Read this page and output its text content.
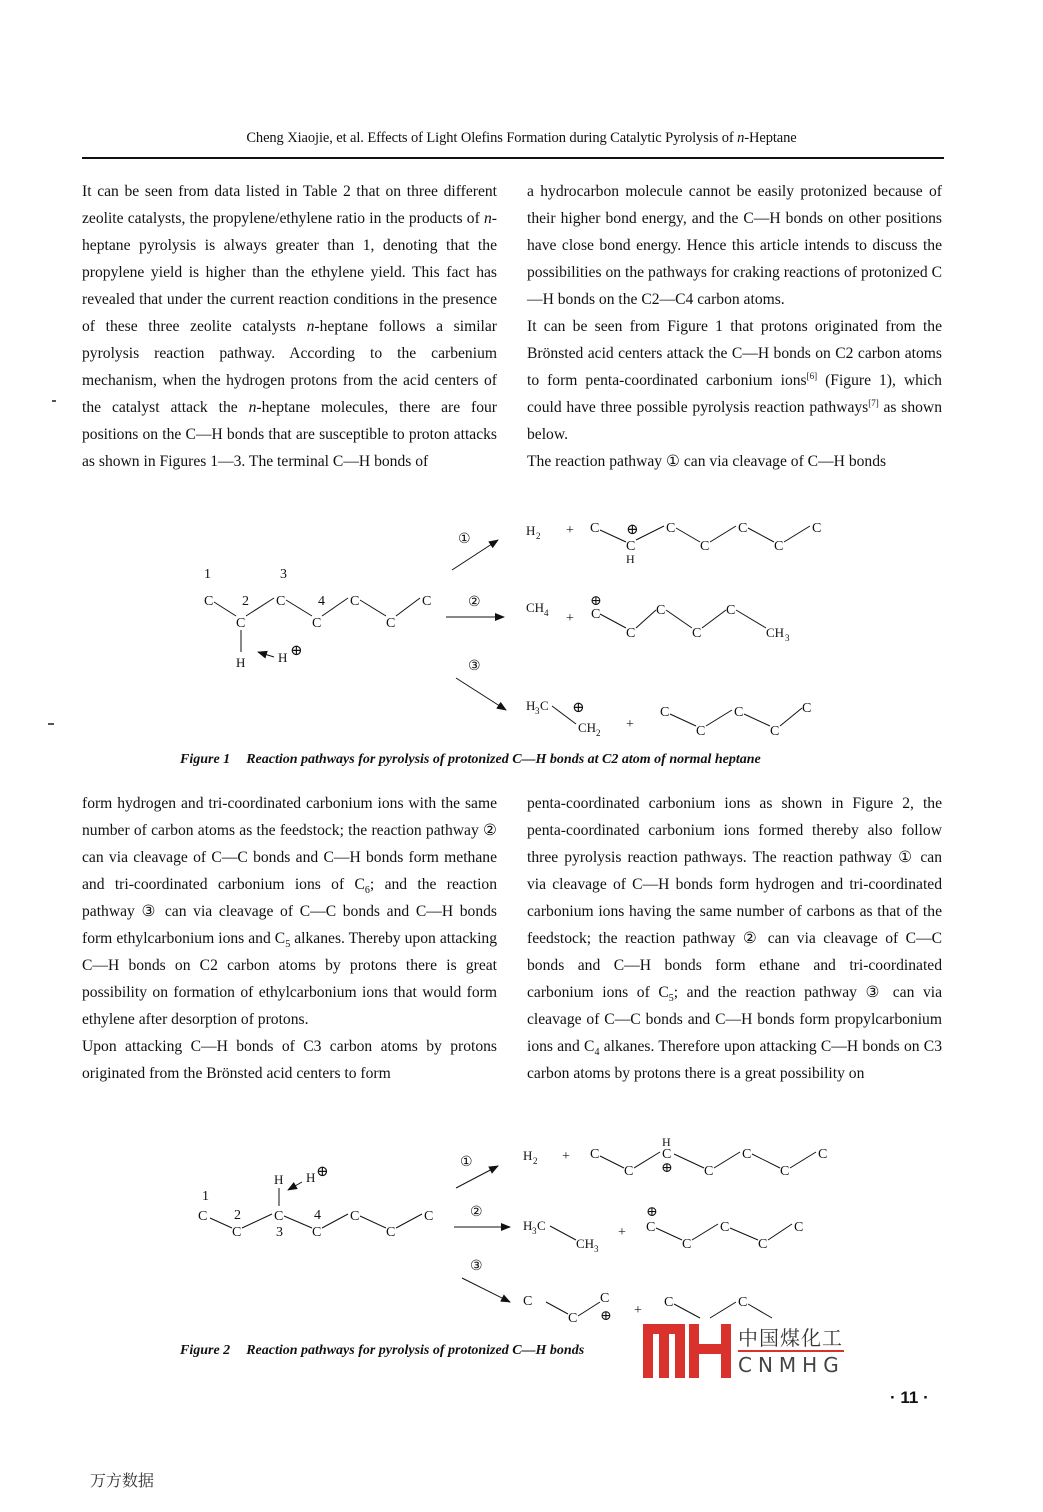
Cheng Xiaojie, et al. Effects of Light Olefins Formation during Catalytic Pyrolysis of n-Heptane

It can be seen from data listed in Table 2 that on three different zeolite catalysts, the propylene/ethylene ratio in the products of n-heptane pyrolysis is always greater than 1, denoting that the propylene yield is higher than the ethylene yield. This fact has revealed that under the current reaction conditions in the presence of these three zeolite catalysts n-heptane follows a similar pyrolysis reaction pathway. According to the carbenium mechanism, when the hydrogen protons from the acid centers of the catalyst attack the n-heptane molecules, there are four positions on the C—H bonds that are susceptible to proton attacks as shown in Figures 1—3. The terminal C—H bonds of

a hydrocarbon molecule cannot be easily protonized because of their higher bond energy, and the C—H bonds on other positions have close bond energy. Hence this article intends to discuss the possibilities on the pathways for craking reactions of protonized C—H bonds on the C2—C4 carbon atoms.

It can be seen from Figure 1 that protons originated from the Brönsted acid centers attack the C—H bonds on C2 carbon atoms to form penta-coordinated carbonium ions[6] (Figure 1), which could have three possible pyrolysis reaction pathways[7] as shown below.

The reaction pathway ① can via cleavage of C—H bonds

1	3
2	4
C
C
C
C
C
C
C
H	H ⊕
①
②
③
H 2 + C ⊕
C
H
C
C
C
C
C
CH 4 +
⊕
C
C
C
C
C
CH 3
H 3 C ⊕
CH 2
+
C
C
C
C
C
Figure 1 Reaction pathways for pyrolysis of protonized C—H bonds at C2 atom of normal heptane

form hydrogen and tri-coordinated carbonium ions with the same number of carbon atoms as the feedstock; the reaction pathway ② can via cleavage of C—C bonds and C—H bonds form methane and tri-coordinated carbonium ions of $C_6$; and the reaction pathway ③ can via cleavage of C—C bonds and C—H bonds form ethylcarbonium ions and $C_5$ alkanes. Thereby upon attacking C—H bonds on C2 carbon atoms by protons there is great possibility on formation of ethylcarbonium ions that would form ethylene after desorption of protons.

Upon attacking C—H bonds of C3 carbon atoms by protons originated from the Brönsted acid centers to form

penta-coordinated carbonium ions as shown in Figure 2, the penta-coordinated carbonium ions formed thereby also follow three pyrolysis reaction pathways. The reaction pathway ① can via cleavage of C—H bonds form hydrogen and tri-coordinated carbonium ions having the same number of carbons as that of the feedstock; the reaction pathway ② can via cleavage of C—C bonds and C—H bonds form ethane and tri-coordinated carbonium ions of $C_5$; and the reaction pathway ③ can via cleavage of C—C bonds and C—H bonds form propylcarbonium ions and $C_4$ alkanes. Therefore upon attacking C—H bonds on C3 carbon atoms by protons there is a great possibility on

1
C 2
C
C
3
4
C
C
C
C
H H ⊕
①
②
③
H 2 + C
C
H
C
⊕ C
C
C
C
H 3 C
CH 3
+
⊕
C
C
C
C
C
C
C
C
⊕ +
C	C
Figure 2 Reaction pathways for pyrolysis of protonized C—H bonds
中国煤化工
CNMHG
· 11 ·
万方数据
